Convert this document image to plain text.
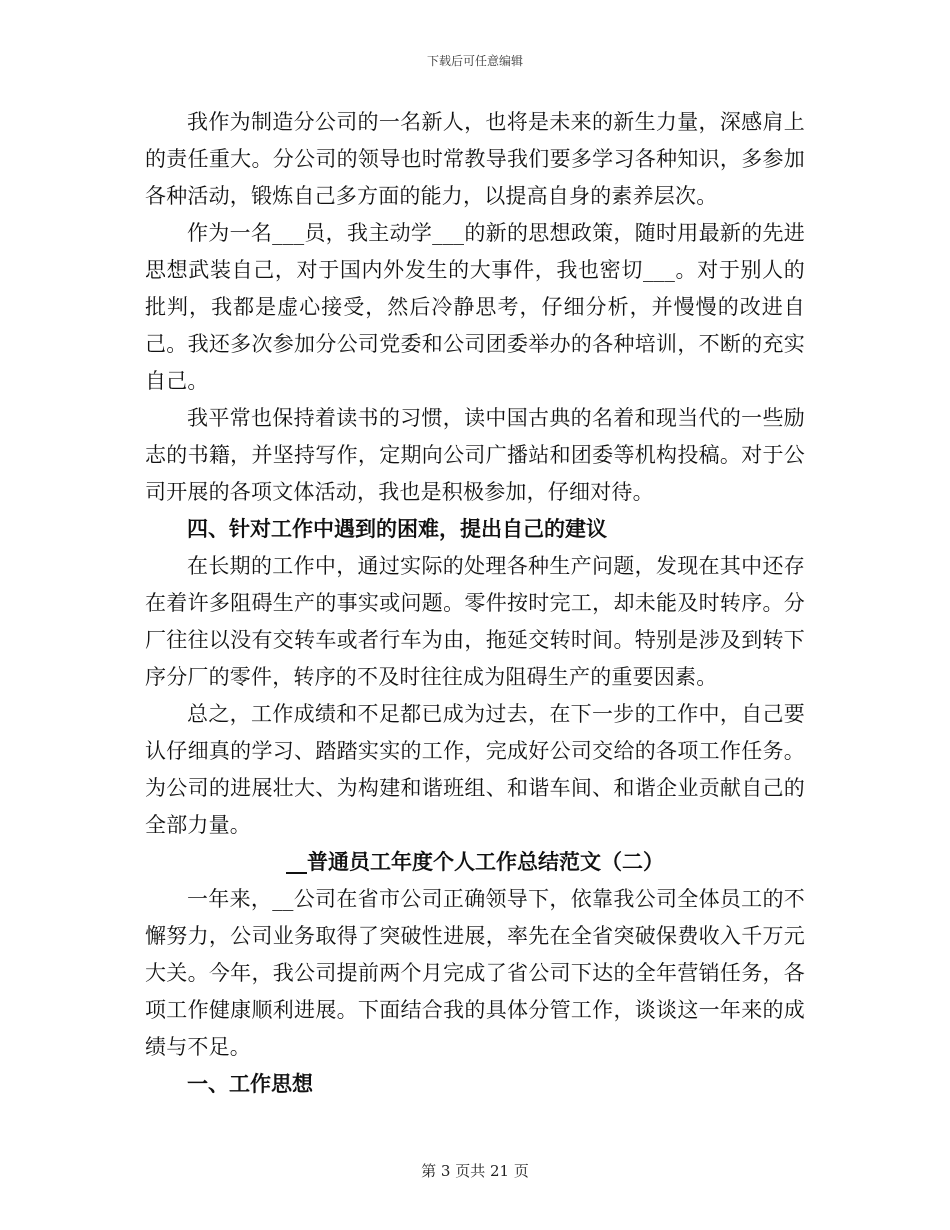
下载后可任意编辑

我作为制造分公司的一名新人，也将是未来的新生力量，深感肩上的责任重大。分公司的领导也时常教导我们要多学习各种知识，多参加各种活动，锻炼自己多方面的能力，以提高自身的素养层次。

作为一名___员，我主动学___的新的思想政策，随时用最新的先进思想武装自己，对于国内外发生的大事件，我也密切___。对于别人的批判，我都是虚心接受，然后冷静思考，仔细分析，并慢慢的改进自己。我还多次参加分公司党委和公司团委举办的各种培训，不断的充实自己。

我平常也保持着读书的习惯，读中国古典的名着和现当代的一些励志的书籍，并坚持写作，定期向公司广播站和团委等机构投稿。对于公司开展的各项文体活动，我也是积极参加，仔细对待。

四、针对工作中遇到的困难，提出自己的建议

在长期的工作中，通过实际的处理各种生产问题，发现在其中还存在着许多阻碍生产的事实或问题。零件按时完工，却未能及时转序。分厂往往以没有交转车或者行车为由，拖延交转时间。特别是涉及到转下序分厂的零件，转序的不及时往往成为阻碍生产的重要因素。

总之，工作成绩和不足都已成为过去，在下一步的工作中，自己要认仔细真的学习、踏踏实实的工作，完成好公司交给的各项工作任务。为公司的进展壮大、为构建和谐班组、和谐车间、和谐企业贡献自己的全部力量。

__普通员工年度个人工作总结范文（二）

一年来，__公司在省市公司正确领导下，依靠我公司全体员工的不懈努力，公司业务取得了突破性进展，率先在全省突破保费收入千万元大关。今年，我公司提前两个月完成了省公司下达的全年营销任务，各项工作健康顺利进展。下面结合我的具体分管工作，谈谈这一年来的成绩与不足。

一、工作思想

第 3 页共 21 页
